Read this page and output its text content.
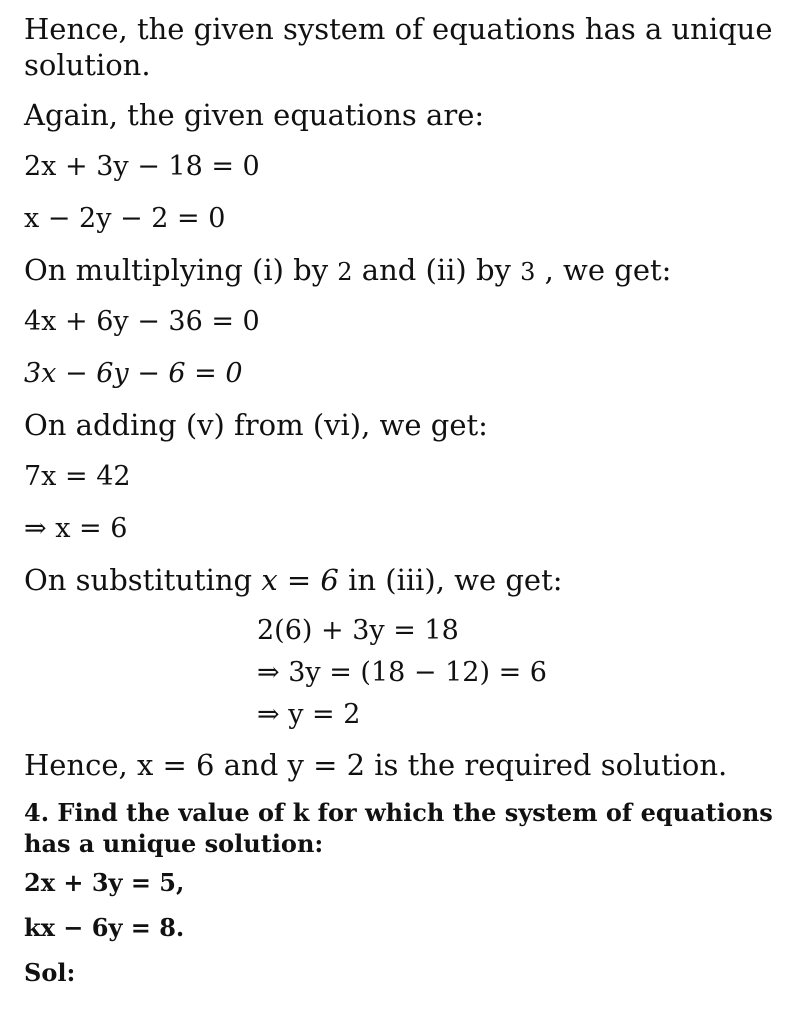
Hence, the given system of equations has a unique
solution.
Again, the given equations are:
2x + 3y − 18 = 0
x − 2y − 2 = 0
On multiplying (i) by 2 and (ii) by 3 , we get:
4x + 6y − 36 = 0
3x − 6y − 6 = 0
On adding (v) from (vi), we get:
7x = 42
⇒ x = 6
On substituting x = 6 in (iii), we get:
2(6) + 3y = 18
⇒ 3y = (18 − 12) = 6
⇒ y = 2
Hence, x = 6 and y = 2 is the required solution.
4. Find the value of k for which the system of equations
has a unique solution:
2x + 3y = 5,
kx − 6y = 8.
Sol:
